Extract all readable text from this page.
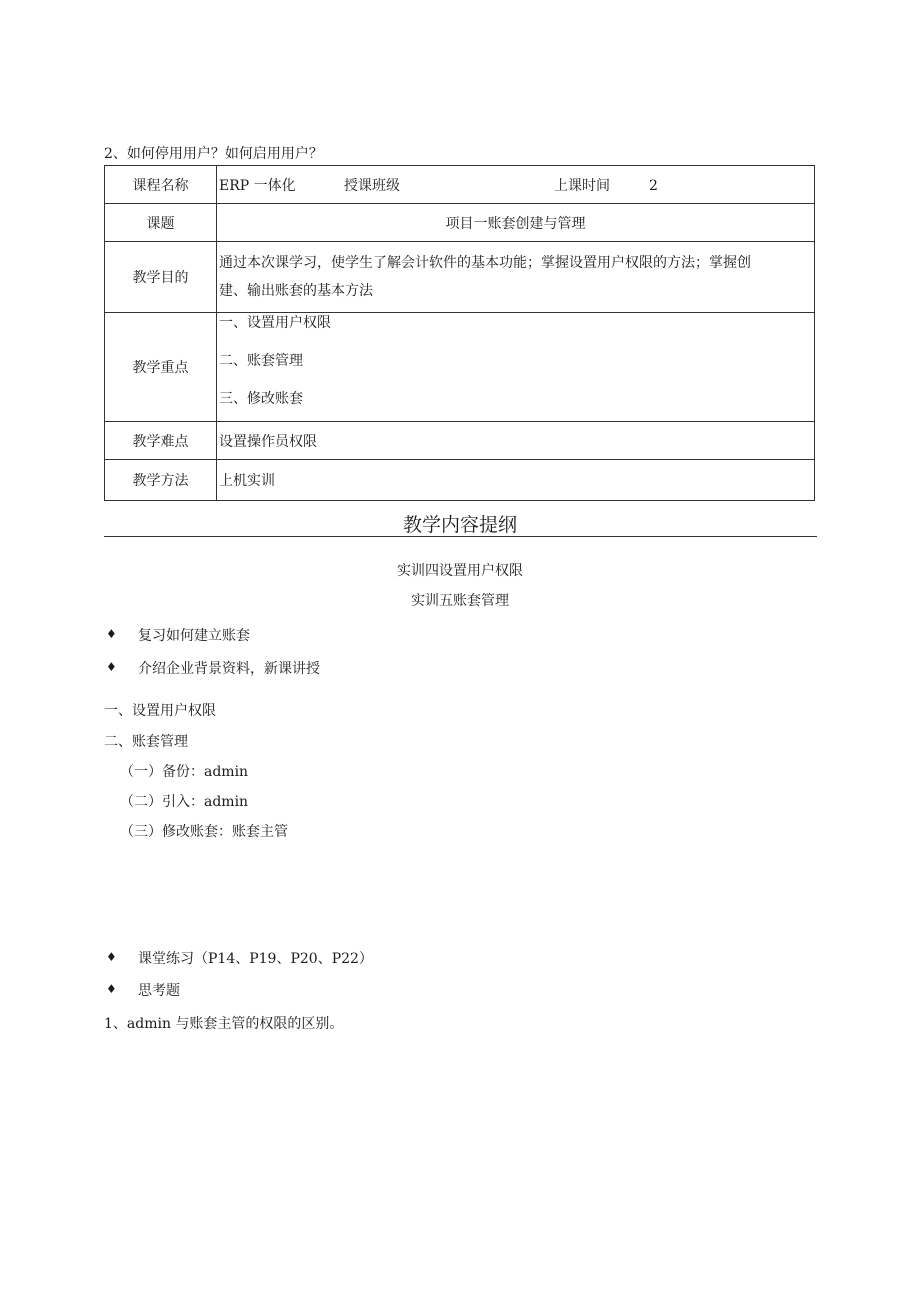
2、如何停用用户？如何启用用户？
课程名称	ERP 一体化 授课班级 上课时间 2
课题	项目一账套创建与管理
教学目的	通过本次课学习，使学生了解会计软件的基本功能；掌握设置用户权限的方法；掌握创
建、输出账套的基本方法

教学重点	一、设置用户权限
二、账套管理
三、修改账套

教学难点	设置操作员权限
教学方法	上机实训
教学内容提纲
实训四设置用户权限
实训五账套管理
♦ 复习如何建立账套
♦ 介绍企业背景资料，新课讲授
一、设置用户权限
二、账套管理
（一）备份：admin
（二）引入：admin
（三）修改账套：账套主管
♦ 课堂练习（P14、P19、P20、P22）
♦ 思考题
1、admin 与账套主管的权限的区别。
